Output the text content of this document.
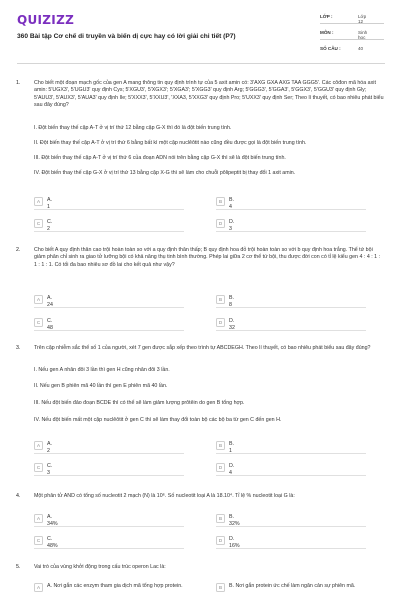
QUIZIZZ
360 Bài tập Cơ chế di truyền và biến dị cực hay có lời giải chi tiết (P7)
LỚP :	Lớp 12
MÔN :	Sinh học
SỐ CÂU :	40
1.	Cho biết một đoạn mạch gốc của gen A mang thông tin quy định trình tự của 5 axit amin có: 3'AXG GXA AXG TAA GGG5'. Các côđon mã hóa axit amin: 5'UGX3', 5'UGU3' quy định Cys; 5'XGU3', 5'XGX3'; 5'XGA3'; 5'XGG3' quy định Arg; 5'GGG3', 5'GGA3', 5'GGX3', 5'GGU3' quy định Gly; 5'AUU3', 5'AUX3', 5'AUA3' quy định Ile; 5'XXX3', 5'XXU3', 'XXA3, 5'XXG3' quy định Pro; 5'UXX3' quy định Ser; Theo lí thuyết, có bao nhiêu phát biểu sau đây đúng?
I. Đột biến thay thế cặp A-T ở vị trí thứ 12 bằng cặp G-X thì đó là đột biến trung tính.
II. Đột biến thay thế cặp A-T ở vị trí thứ 6 bằng bất kì một cặp nuclêôtit nào cũng đều được gọi là đột biến trung tính.
III. Đột biến thay thế cặp A-T ở vị trí thứ 6 của đoạn ADN nói trên bằng cặp G-X thì sẽ là đột biến trung tính.
IV. Đột biến thay thế cặp G-X ở vị trí thứ 13 bằng cặp X-G thì sẽ làm cho chuỗi pôlipeptit bị thay đổi 1 axit amin.
A	A. 1
B	B. 4
C	C. 2
D	D. 3
2.	Cho biết A quy định thân cao trội hoàn toàn so với a quy định thân thấp; B quy định hoa đỏ trội hoàn toàn so với b quy định hoa trắng. Thể tứ bội giảm phân chỉ sinh ra giao tử lưỡng bội có khả năng thụ tinh bình thường. Phép lai giữa 2 cơ thể tứ bội, thu được đời con có tỉ lệ kiểu gen 4 : 4 : 1 : 1 : 1 : 1. Có tối đa bao nhiêu sơ đồ lai cho kết quả như vậy?
A	A. 24
B	B. 8
C	C. 48
D	D. 32
3.	Trên cặp nhiễm sắc thể số 1 của người, xét 7 gen được sắp xếp theo trình tự ABCDEGH. Theo lí thuyết, có bao nhiêu phát biểu sau đây đúng?
I. Nếu gen A nhân đôi 3 lần thì gen H cũng nhân đôi 3 lần.
II. Nếu gen B phiên mã 40 lần thì gen E phiên mã 40 lần.
III. Nếu đột biến đảo đoạn BCDE thì có thể sẽ làm giảm lượng prôtêin do gen B tổng hợp.
IV. Nếu đột biến mất một cặp nuclêôtit ở gen C thì sẽ làm thay đổi toàn bộ các bộ ba từ gen C đến gen H.
A	A. 2
B	B. 1
C	C. 3
D	D. 4
4.	Một phân tử AND có tổng số nucleotit 2 mạch (N) là 10⁶. Số nucleotit loại A là 18.10⁴. Tỉ lệ % nucleotit loại G là:
A	A. 34%
B	B. 32%
C	C. 48%
D	D. 16%
5.	Vai trò của vùng khởi động trong cấu trúc operon Lac là:
A	A. Nơi gắn các enzym tham gia dịch mã tổng hợp protein.	B	B. Nơi gắn protein ức chế làm ngăn cản sự phiên mã.
